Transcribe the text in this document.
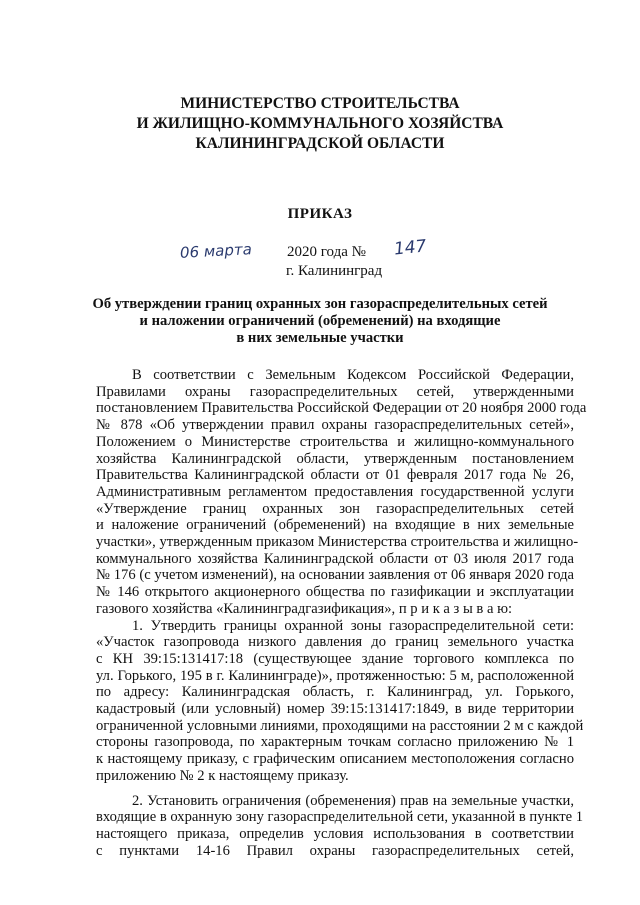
МИНИСТЕРСТВО СТРОИТЕЛЬСТВА
И ЖИЛИЩНО-КОММУНАЛЬНОГО ХОЗЯЙСТВА
КАЛИНИНГРАДСКОЙ ОБЛАСТИ
ПРИКАЗ
06 марта 2020 года № 147
г. Калининград
Об утверждении границ охранных зон газораспределительных сетей
и наложении ограничений (обременений) на входящие
в них земельные участки
В соответствии с Земельным Кодексом Российской Федерации,
Правилами охраны газораспределительных сетей, утвержденными
постановлением Правительства Российской Федерации от 20 ноября 2000 года
№ 878 «Об утверждении правил охраны газораспределительных сетей»,
Положением о Министерстве строительства и жилищно-коммунального
хозяйства Калининградской области, утвержденным постановлением
Правительства Калининградской области от 01 февраля 2017 года № 26,
Административным регламентом предоставления государственной услуги
«Утверждение границ охранных зон газораспределительных сетей
и наложение ограничений (обременений) на входящие в них земельные
участки», утвержденным приказом Министерства строительства и жилищно-
коммунального хозяйства Калининградской области от 03 июля 2017 года
№ 176 (с учетом изменений), на основании заявления от 06 января 2020 года
№ 146 открытого акционерного общества по газификации и эксплуатации
газового хозяйства «Калининградгазификация», п р и к а з ы в а ю:
1. Утвердить границы охранной зоны газораспределительной сети:
«Участок газопровода низкого давления до границ земельного участка
с КН 39:15:131417:18 (существующее здание торгового комплекса по
ул. Горького, 195 в г. Калининграде)», протяженностью: 5 м, расположенной
по адресу: Калининградская область, г. Калининград, ул. Горького,
кадастровый (или условный) номер 39:15:131417:1849, в виде территории
ограниченной условными линиями, проходящими на расстоянии 2 м с каждой
стороны газопровода, по характерным точкам согласно приложению № 1
к настоящему приказу, с графическим описанием местоположения согласно
приложению № 2 к настоящему приказу.
2. Установить ограничения (обременения) прав на земельные участки,
входящие в охранную зону газораспределительной сети, указанной в пункте 1
настоящего приказа, определив условия использования в соответствии
с пунктами 14-16 Правил охраны газораспределительных сетей,
